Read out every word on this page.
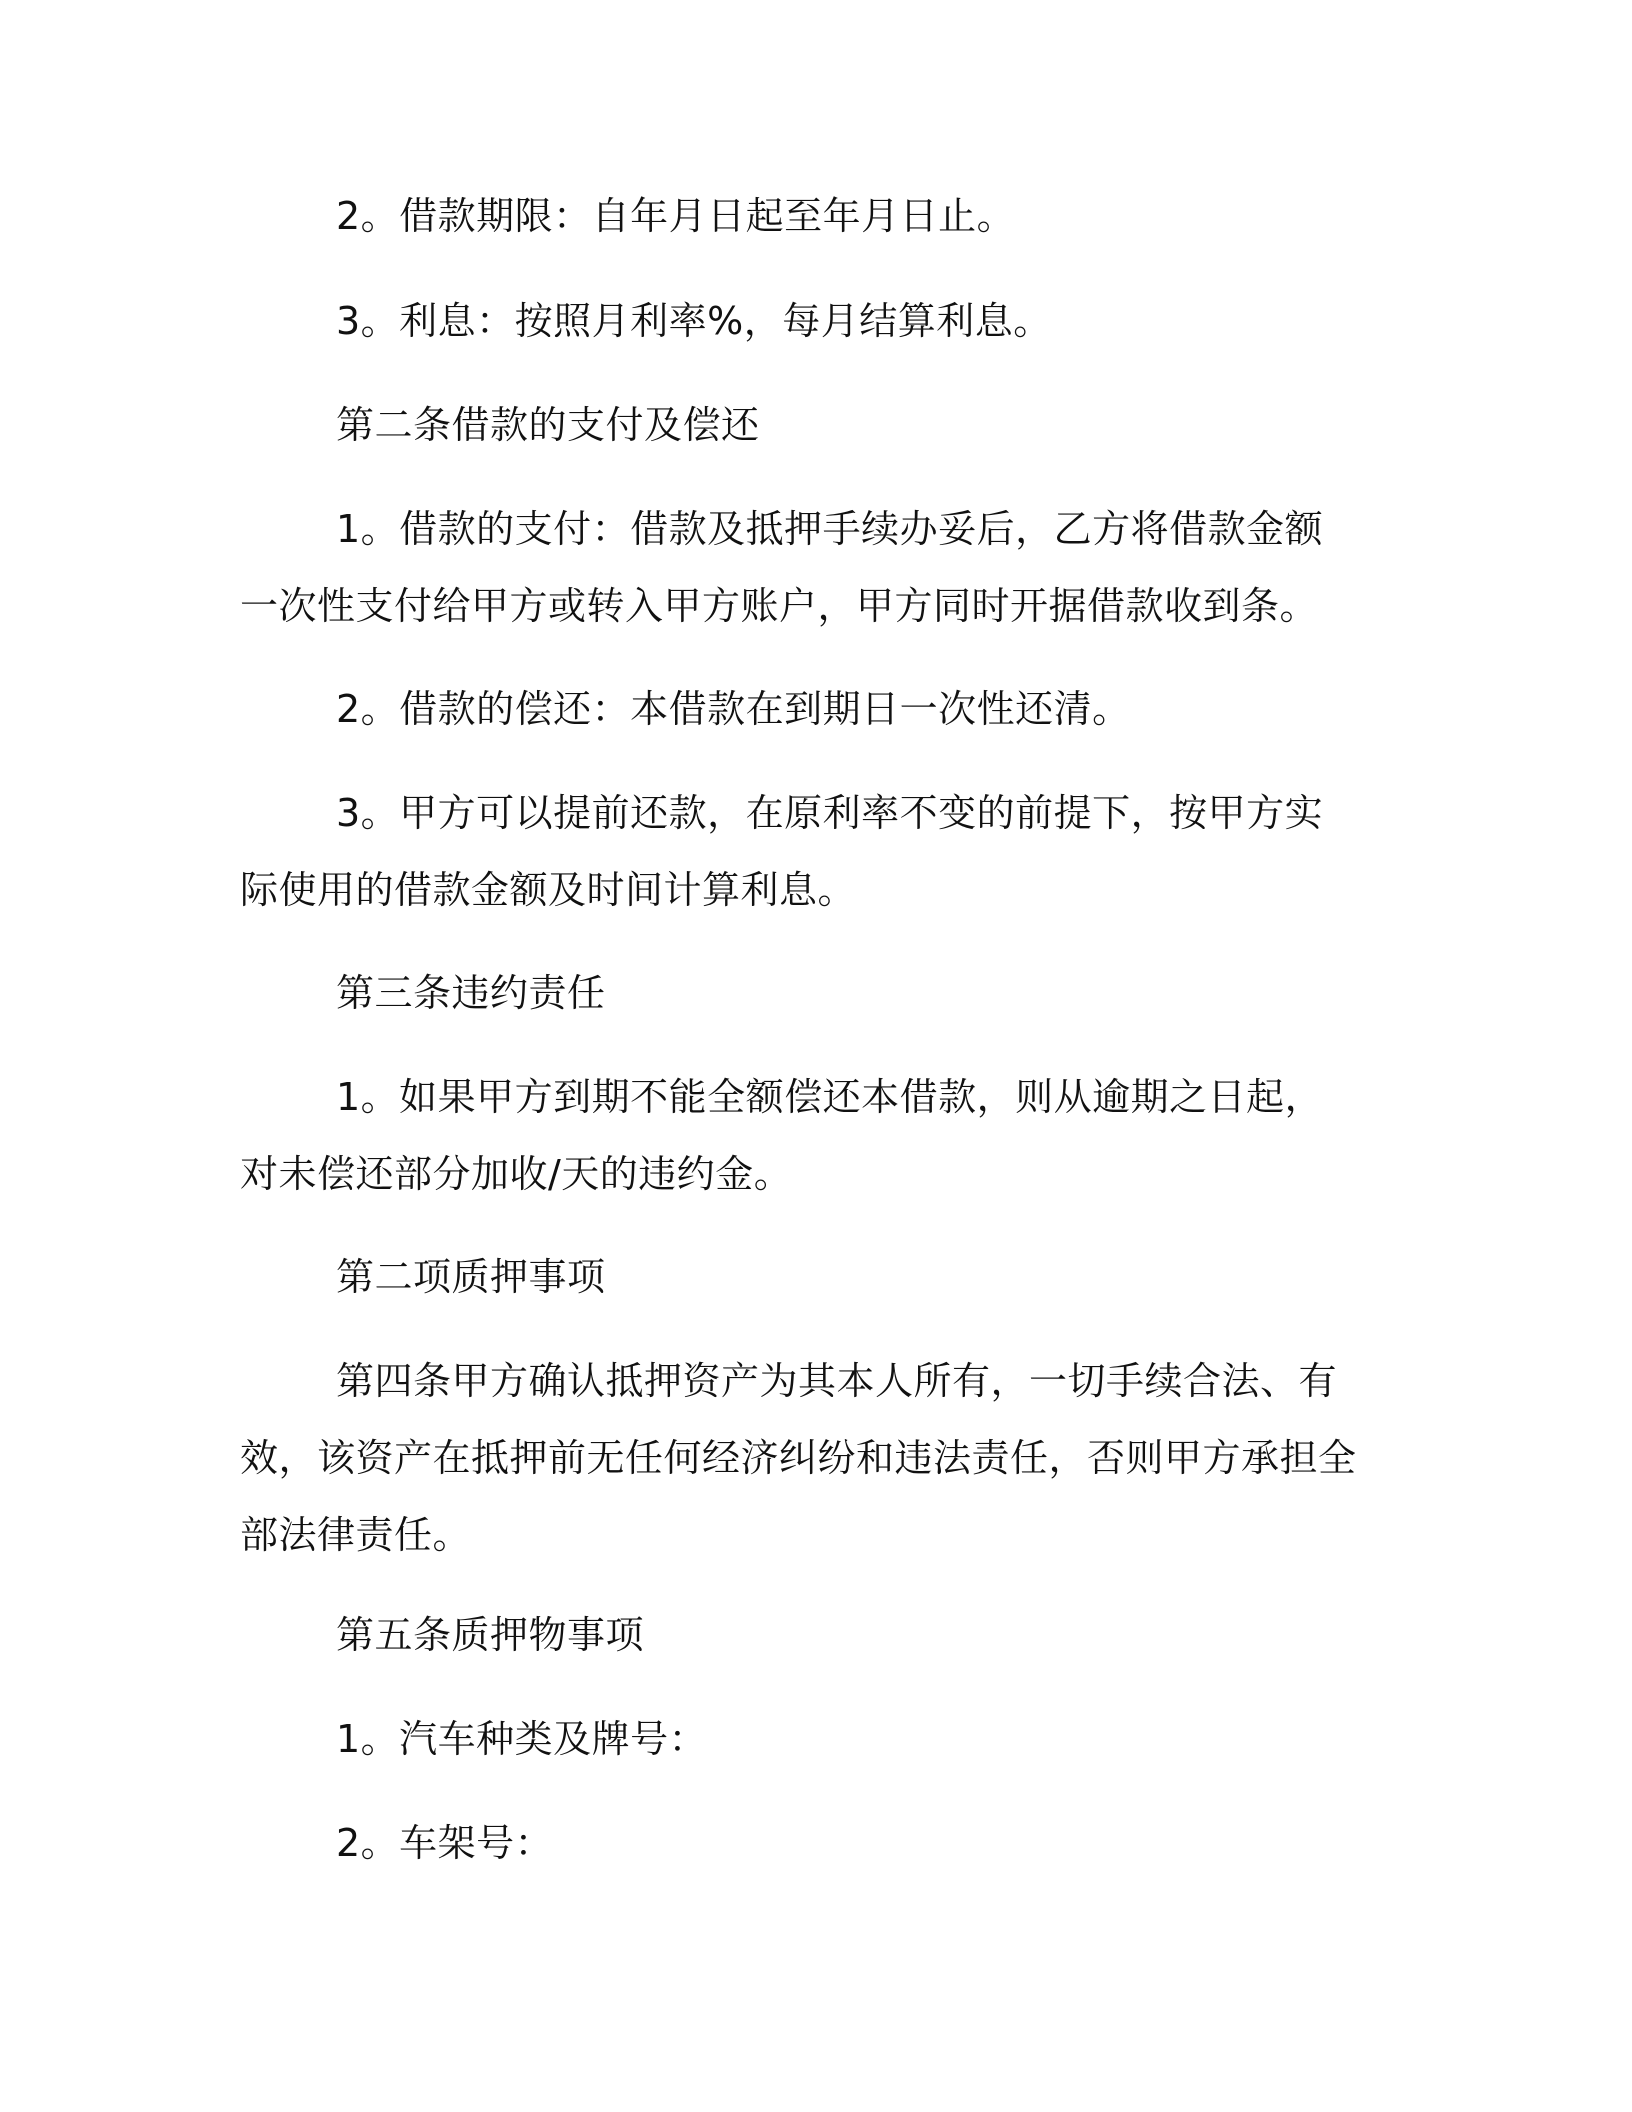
2。借款期限：自年月日起至年月日止。

3。利息：按照月利率%，每月结算利息。

第二条借款的支付及偿还

1。借款的支付：借款及抵押手续办妥后，乙方将借款金额一次性支付给甲方或转入甲方账户，甲方同时开据借款收到条。

2。借款的偿还：本借款在到期日一次性还清。

3。甲方可以提前还款，在原利率不变的前提下，按甲方实际使用的借款金额及时间计算利息。

第三条违约责任

1。如果甲方到期不能全额偿还本借款，则从逾期之日起，对未偿还部分加收/天的违约金。

第二项质押事项

第四条甲方确认抵押资产为其本人所有，一切手续合法、有效，该资产在抵押前无任何经济纠纷和违法责任，否则甲方承担全部法律责任。

第五条质押物事项

1。汽车种类及牌号：

2。车架号：
